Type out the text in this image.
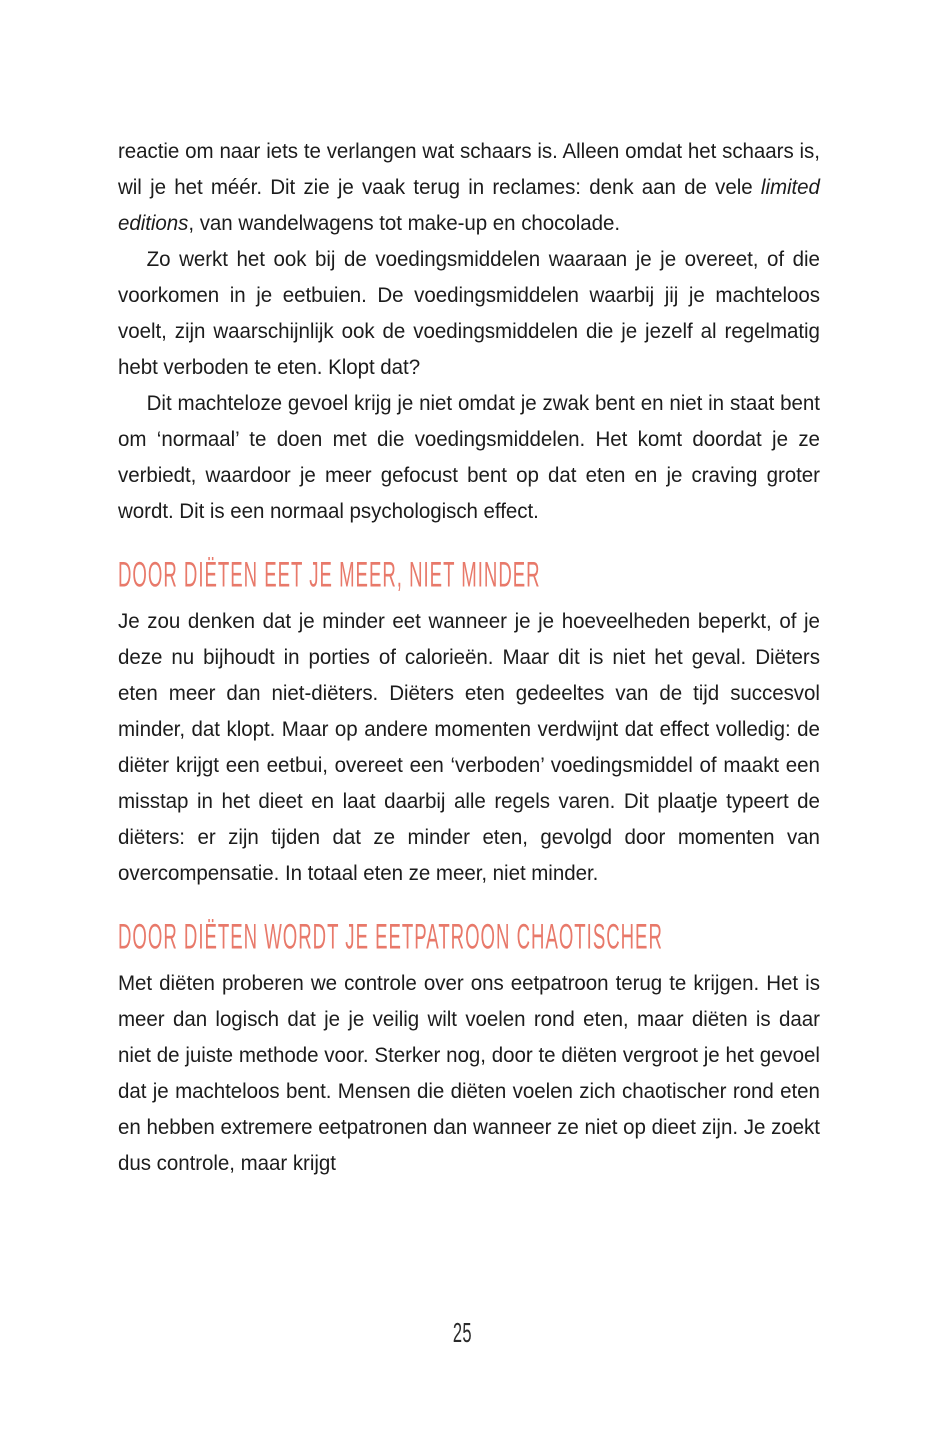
reactie om naar iets te verlangen wat schaars is. Alleen omdat het schaars is, wil je het méér. Dit zie je vaak terug in reclames: denk aan de vele limited editions, van wandelwagens tot make-up en chocolade.

Zo werkt het ook bij de voedingsmiddelen waaraan je je overeet, of die voorkomen in je eetbuien. De voedingsmiddelen waarbij jij je machteloos voelt, zijn waarschijnlijk ook de voedingsmiddelen die je jezelf al regelmatig hebt verboden te eten. Klopt dat?

Dit machteloze gevoel krijg je niet omdat je zwak bent en niet in staat bent om ‘normaal’ te doen met die voedingsmiddelen. Het komt doordat je ze verbiedt, waardoor je meer gefocust bent op dat eten en je craving groter wordt. Dit is een normaal psychologisch effect.

DOOR DIËTEN EET JE MEER, NIET MINDER

Je zou denken dat je minder eet wanneer je je hoeveelheden beperkt, of je deze nu bijhoudt in porties of calorieën. Maar dit is niet het geval. Diëters eten meer dan niet-diëters. Diëters eten gedeeltes van de tijd succesvol minder, dat klopt. Maar op andere momenten verdwijnt dat effect volledig: de diëter krijgt een eetbui, overeet een ‘verboden’ voedingsmiddel of maakt een misstap in het dieet en laat daarbij alle regels varen. Dit plaatje typeert de diëters: er zijn tijden dat ze minder eten, gevolgd door momenten van overcompensatie. In totaal eten ze meer, niet minder.

DOOR DIËTEN WORDT JE EETPATROON CHAOTISCHER

Met diëten proberen we controle over ons eetpatroon terug te krijgen. Het is meer dan logisch dat je je veilig wilt voelen rond eten, maar diëten is daar niet de juiste methode voor. Sterker nog, door te diëten vergroot je het gevoel dat je machteloos bent. Mensen die diëten voelen zich chaotischer rond eten en hebben extremere eetpatronen dan wanneer ze niet op dieet zijn. Je zoekt dus controle, maar krijgt

25
